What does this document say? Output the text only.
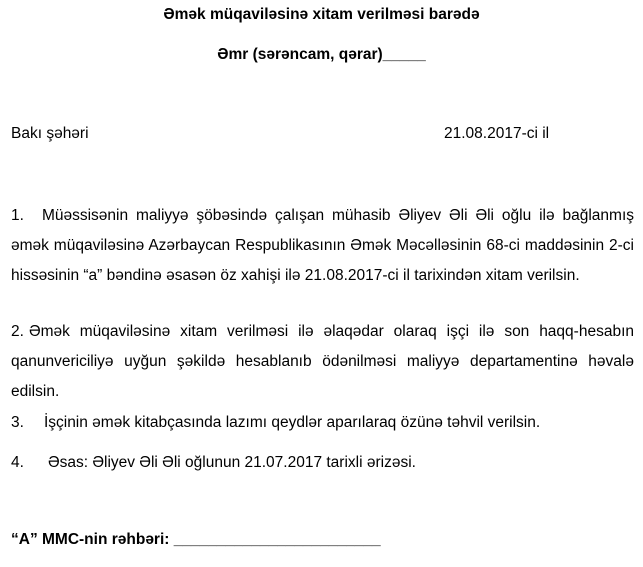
Əmək müqaviləsinə xitam verilməsi barədə
Əmr (sərəncam, qərar)_____
Bakı şəhəri	21.08.2017-ci il
1. Müəssisənin maliyyə şöbəsində çalışan mühasib Əliyev Əli Əli oğlu ilə bağlanmış əmək müqaviləsinə Azərbaycan Respublikasının Əmək Məcəlləsinin 68-ci maddəsinin 2-ci hissəsinin “a” bəndinə əsasən öz xahişi ilə 21.08.2017-ci il tarixindən xitam verilsin.
2. Əmək müqaviləsinə xitam verilməsi ilə əlaqədar olaraq işçi ilə son haqq-hesabın qanunvericiliyə uyğun şəkildə hesablanıb ödənilməsi maliyyə departamentinə həvalə edilsin.
3. İşçinin əmək kitabçasında lazımı qeydlər aparılaraq özünə təhvil verilsin.
4. Əsas: Əliyev Əli Əli oğlunun 21.07.2017 tarixli ərizəsi.
“A” MMC-nin rəhbəri: ________________________
